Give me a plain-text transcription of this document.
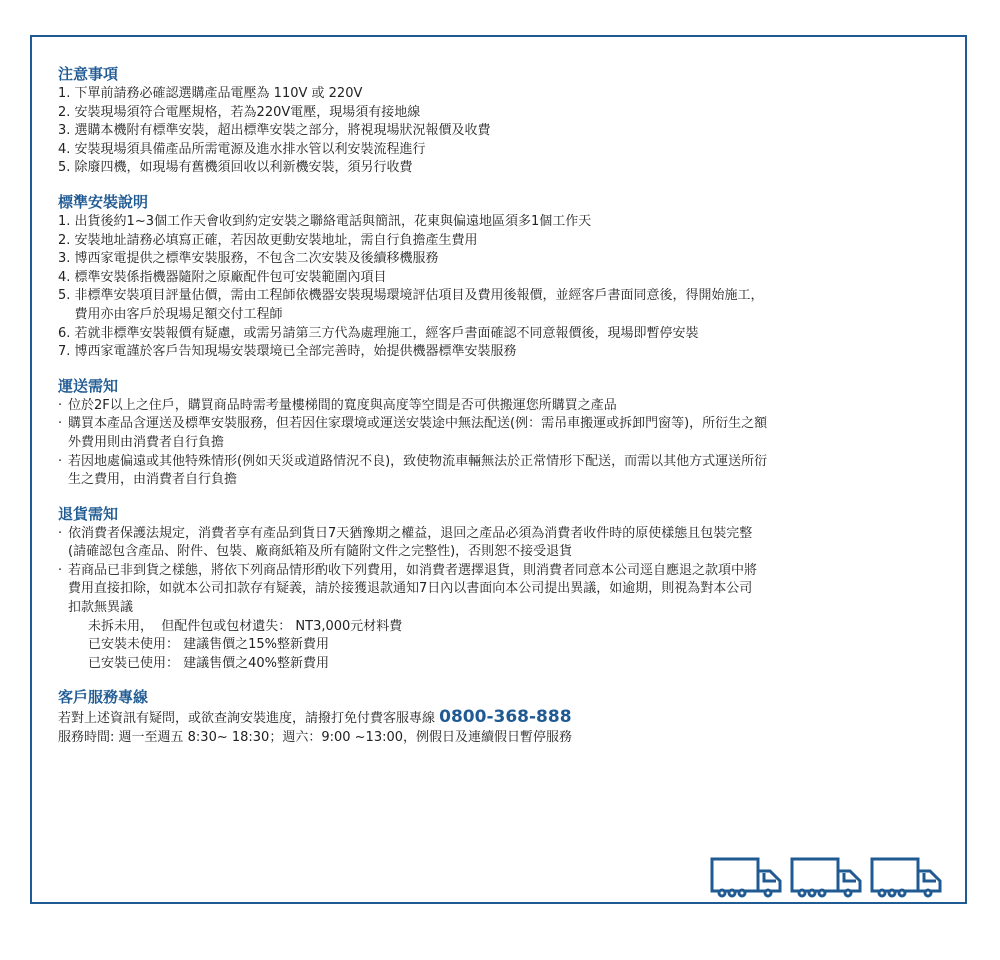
注意事項
1. 下單前請務必確認選購產品電壓為 110V 或 220V
2. 安裝現場須符合電壓規格，若為220V電壓，現場須有接地線
3. 選購本機附有標準安裝，超出標準安裝之部分，將視現場狀況報價及收費
4. 安裝現場須具備產品所需電源及進水排水管以利安裝流程進行
5. 除廢四機，如現場有舊機須回收以利新機安裝，須另行收費
標準安裝說明
1. 出貨後約1~3個工作天會收到約定安裝之聯絡電話與簡訊，花東與偏遠地區須多1個工作天
2. 安裝地址請務必填寫正確，若因故更動安裝地址，需自行負擔產生費用
3. 博西家電提供之標準安裝服務，不包含二次安裝及後續移機服務
4. 標準安裝係指機器隨附之原廠配件包可安裝範圍內項目
5. 非標準安裝項目評量估價，需由工程師依機器安裝現場環境評估項目及費用後報價，並經客戶書面同意後，得開始施工，
費用亦由客戶於現場足額交付工程師
6. 若就非標準安裝報價有疑慮，或需另請第三方代為處理施工，經客戶書面確認不同意報價後，現場即暫停安裝
7. 博西家電謹於客戶告知現場安裝環境已全部完善時，始提供機器標準安裝服務
運送需知
· 位於2F以上之住戶，購買商品時需考量樓梯間的寬度與高度等空間是否可供搬運您所購買之產品
· 購買本產品含運送及標準安裝服務，但若因住家環境或運送安裝途中無法配送(例：需吊車搬運或拆卸門窗等)，所衍生之額
外費用則由消費者自行負擔
· 若因地處偏遠或其他特殊情形(例如天災或道路情況不良)，致使物流車輛無法於正常情形下配送，而需以其他方式運送所衍
生之費用，由消費者自行負擔
退貨需知
· 依消費者保護法規定，消費者享有產品到貨日7天猶豫期之權益，退回之產品必須為消費者收件時的原使樣態且包裝完整
(請確認包含產品、附件、包裝、廠商紙箱及所有隨附文件之完整性)，否則恕不接受退貨
· 若商品已非到貨之樣態，將依下列商品情形酌收下列費用，如消費者選擇退貨，則消費者同意本公司逕自應退之款項中將
費用直接扣除，如就本公司扣款存有疑義，請於接獲退款通知7日內以書面向本公司提出異議，如逾期，則視為對本公司
扣款無異議
未拆未用，  但配件包或包材遺失： NT3,000元材料費
已安裝未使用： 建議售價之15%整新費用
已安裝已使用： 建議售價之40%整新費用
客戶服務專線
若對上述資訊有疑問，或欲查詢安裝進度，請撥打免付費客服專線 0800-368-888
服務時間: 週一至週五 8:30~ 18:30；週六：9:00 ~13:00，例假日及連續假日暫停服務
